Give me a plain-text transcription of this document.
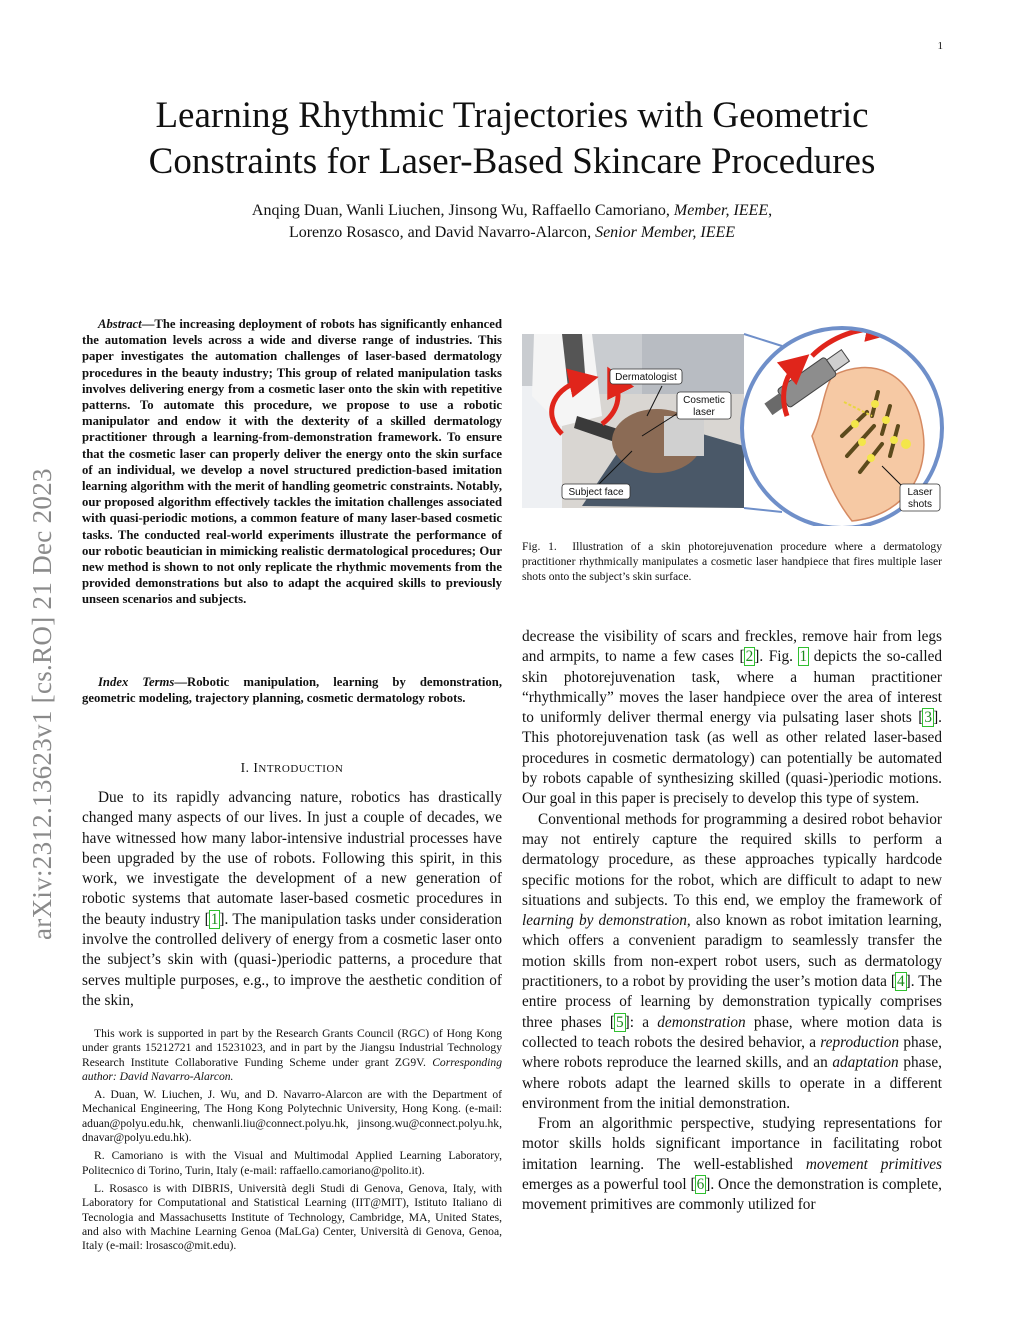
1
arXiv:2312.13623v1 [cs.RO] 21 Dec 2023
Learning Rhythmic Trajectories with Geometric
Constraints for Laser-Based Skincare Procedures
Anqing Duan, Wanli Liuchen, Jinsong Wu, Raffaello Camoriano, Member, IEEE,
Lorenzo Rosasco, and David Navarro-Alarcon, Senior Member, IEEE

Abstract—The increasing deployment of robots has significantly enhanced the automation levels across a wide and diverse range of industries. This paper investigates the automation challenges of laser-based dermatology procedures in the beauty industry; This group of related manipulation tasks involves delivering energy from a cosmetic laser onto the skin with repetitive patterns. To automate this procedure, we propose to use a robotic manipulator and endow it with the dexterity of a skilled dermatology practitioner through a learning-from-demonstration framework. To ensure that the cosmetic laser can properly deliver the energy onto the skin surface of an individual, we develop a novel structured prediction-based imitation learning algorithm with the merit of handling geometric constraints. Notably, our proposed algorithm effectively tackles the imitation challenges associated with quasi-periodic motions, a common feature of many laser-based cosmetic tasks. The conducted real-world experiments illustrate the performance of our robotic beautician in mimicking realistic dermatological procedures; Our new method is shown to not only replicate the rhythmic movements from the provided demonstrations but also to adapt the acquired skills to previously unseen scenarios and subjects.

Index Terms—Robotic manipulation, learning by demonstration, geometric modeling, trajectory planning, cosmetic dermatology robots.
I. INTRODUCTION

Due to its rapidly advancing nature, robotics has drastically changed many aspects of our lives. In just a couple of decades, we have witnessed how many labor-intensive industrial processes have been upgraded by the use of robots. Following this spirit, in this work, we investigate the development of a new generation of robotic systems that automate laser-based cosmetic procedures in the beauty industry [1]. The manipulation tasks under consideration involve the controlled delivery of energy from a cosmetic laser onto the subject’s skin with (quasi-)periodic patterns, a procedure that serves multiple purposes, e.g., to improve the aesthetic condition of the skin,

This work is supported in part by the Research Grants Council (RGC) of Hong Kong under grants 15212721 and 15231023, and in part by the Jiangsu Industrial Technology Research Institute Collaborative Funding Scheme under grant ZG9V. Corresponding author: David Navarro-Alarcon.

A. Duan, W. Liuchen, J. Wu, and D. Navarro-Alarcon are with the Department of Mechanical Engineering, The Hong Kong Polytechnic University, Hong Kong. (e-mail: aduan@polyu.edu.hk, chenwanli.liu@connect.polyu.hk, jinsong.wu@connect.polyu.hk, dnavar@polyu.edu.hk).

R. Camoriano is with the Visual and Multimodal Applied Learning Laboratory, Politecnico di Torino, Turin, Italy (e-mail: raffaello.camoriano@polito.it).

L. Rosasco is with DIBRIS, Università degli Studi di Genova, Genova, Italy, with Laboratory for Computational and Statistical Learning (IIT@MIT), Istituto Italiano di Tecnologia and Massachusetts Institute of Technology, Cambridge, MA, United States, and also with Machine Learning Genoa (MaLGa) Center, Università di Genova, Genoa, Italy (e-mail: lrosasco@mit.edu).

Dermatologist
Cosmetic
laser
Subject face	Laser
shots
Fig. 1. Illustration of a skin photorejuvenation procedure where a dermatology practitioner rhythmically manipulates a cosmetic laser handpiece that fires multiple laser shots onto the subject’s skin surface.

decrease the visibility of scars and freckles, remove hair from legs and armpits, to name a few cases [2]. Fig. 1 depicts the so-called skin photorejuvenation task, where a human practitioner “rhythmically” moves the laser handpiece over the area of interest to uniformly deliver thermal energy via pulsating laser shots [3]. This photorejuvenation task (as well as other related laser-based procedures in cosmetic dermatology) can potentially be automated by robots capable of synthesizing skilled (quasi-)periodic motions. Our goal in this paper is precisely to develop this type of system.

Conventional methods for programming a desired robot behavior may not entirely capture the required skills to perform a dermatology procedure, as these approaches typically hardcode specific motions for the robot, which are difficult to adapt to new situations and subjects. To this end, we employ the framework of learning by demonstration, also known as robot imitation learning, which offers a convenient paradigm to seamlessly transfer the motion skills from non-expert robot users, such as dermatology practitioners, to a robot by providing the user’s motion data [4]. The entire process of learning by demonstration typically comprises three phases [5]: a demonstration phase, where motion data is collected to teach robots the desired behavior, a reproduction phase, where robots reproduce the learned skills, and an adaptation phase, where robots adapt the learned skills to operate in a different environment from the initial demonstration.

From an algorithmic perspective, studying representations for motor skills holds significant importance in facilitating robot imitation learning. The well-established movement primitives emerges as a powerful tool [6]. Once the demonstration is complete, movement primitives are commonly utilized for
